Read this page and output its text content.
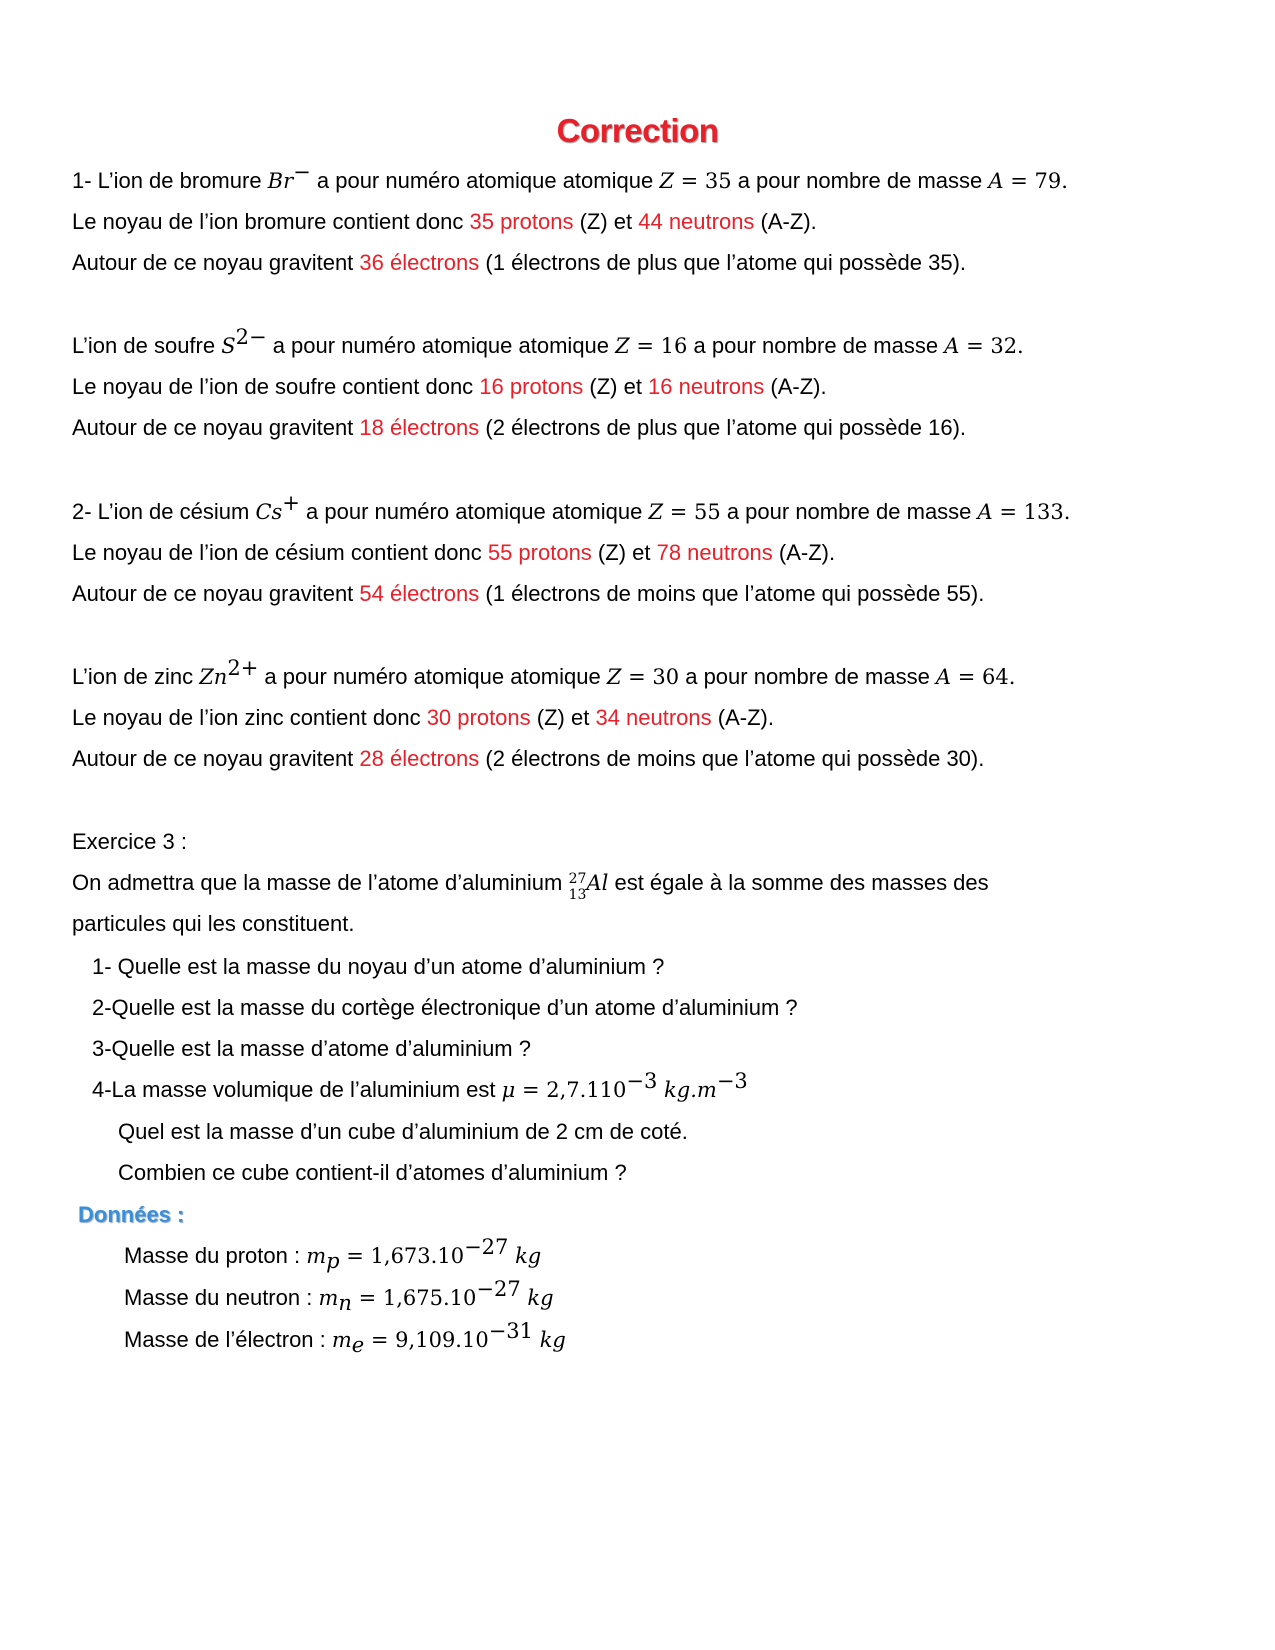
Correction
1- L’ion de bromure Br− a pour numéro atomique atomique Z = 35 a pour nombre de masse A = 79.
Le noyau de l’ion bromure contient donc 35 protons (Z) et 44 neutrons (A-Z).
Autour de ce noyau gravitent 36 électrons (1 électrons de plus que l’atome qui possède 35).
L’ion de soufre $S^{2-}$ a pour numéro atomique atomique Z = 16 a pour nombre de masse A = 32.
Le noyau de l’ion de soufre contient donc 16 protons (Z) et 16 neutrons (A-Z).
Autour de ce noyau gravitent 18 électrons (2 électrons de plus que l’atome qui possède 16).
2- L’ion de césium Cs+ a pour numéro atomique atomique Z = 55 a pour nombre de masse A = 133.
Le noyau de l’ion de césium contient donc 55 protons (Z) et 78 neutrons (A-Z).
Autour de ce noyau gravitent 54 électrons (1 électrons de moins que l’atome qui possède 55).
L’ion de zinc $Zn^{2+}$ a pour numéro atomique atomique Z = 30 a pour nombre de masse A = 64.
Le noyau de l’ion zinc contient donc 30 protons (Z) et 34 neutrons (A-Z).
Autour de ce noyau gravitent 28 électrons (2 électrons de moins que l’atome qui possède 30).
Exercice 3 :
On admettra que la masse de l’atome d’aluminium 27
13 Al est égale à la somme des masses des
particules qui les constituent.
1- Quelle est la masse du noyau d’un atome d’aluminium ?
2-Quelle est la masse du cortège électronique d’un atome d’aluminium ?
3-Quelle est la masse d’atome d’aluminium ?
4-La masse volumique de l’aluminium est $\mu = 2,7.110^{-3}$ $kg.m^{-3}$
Quel est la masse d’un cube d’aluminium de 2 cm de coté.
Combien ce cube contient-il d’atomes d’aluminium ?
Données :
Masse du proton : $m_p = 1,673.10^{-27}$ kg
Masse du neutron : $m_n = 1,675.10^{-27}$ kg
Masse de l’électron : $m_e = 9,109.10^{-31}$ kg
